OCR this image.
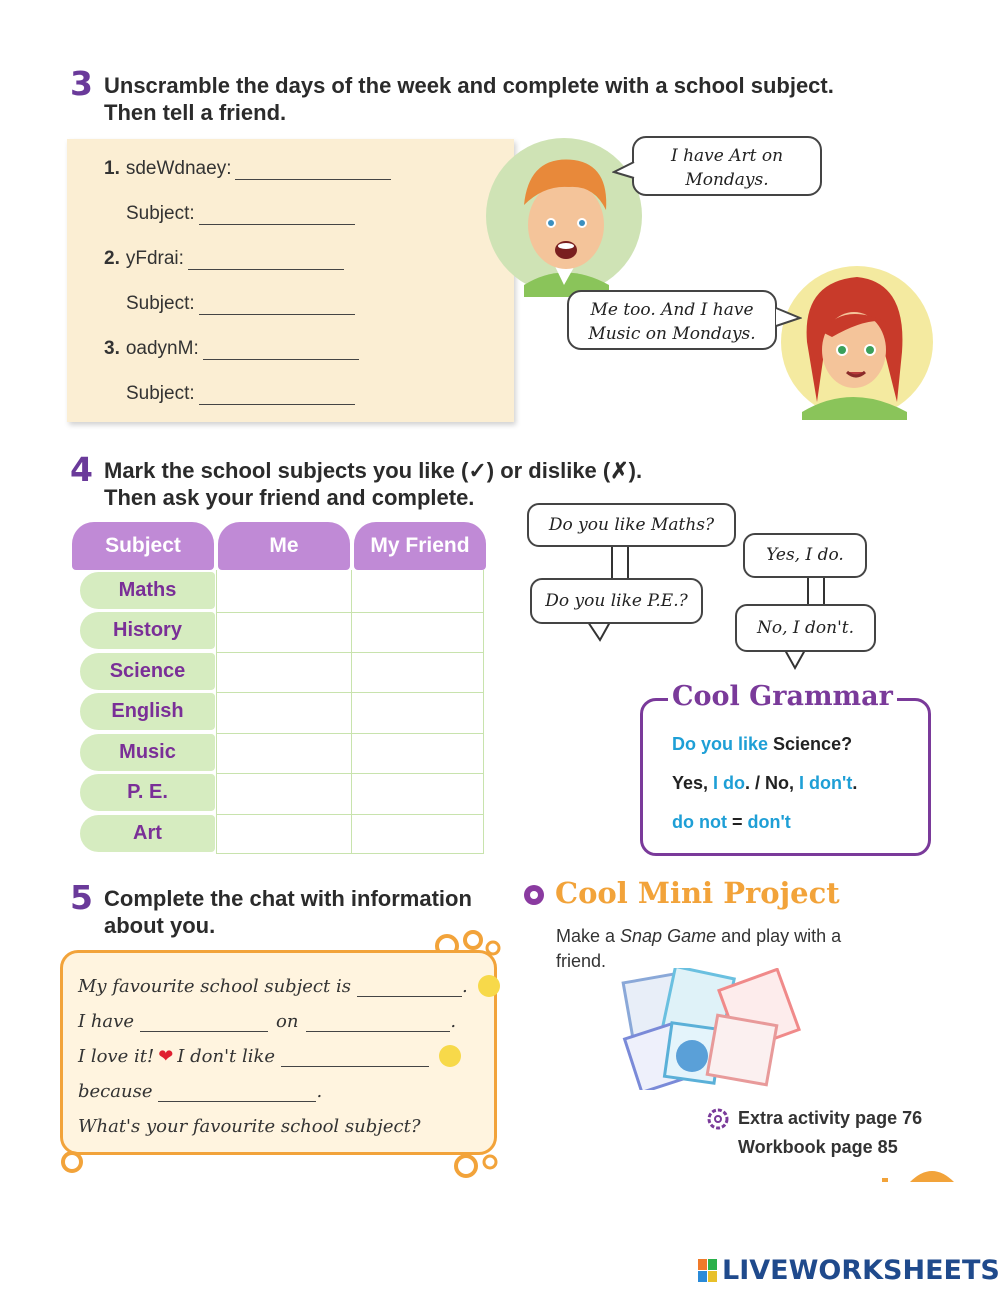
3 Unscramble the days of the week and complete with a school subject.
Then tell a friend.
1. sdeWdnaey:
Subject:
2. yFdrai:
Subject:
3. oadynM:
Subject:
I have Art on
Mondays.
Me too. And I have
Music on Mondays.
4 Mark the school subjects you like (✓) or dislike (✗).
Then ask your friend and complete.
Subject	Me	My Friend
Maths
History
Science
English
Music
P. E.
Art
Do you like Maths?
Do you like P.E.?
Yes, I do.
No, I don't.
Cool Grammar
Do you like Science?
Yes, I do. / No, I don't.
do not = don't
5 Complete the chat with information
about you.
My favourite school subject is	.
I have	on	.
I love it! ❤ I don't like
because	.
What's your favourite school subject?
Cool Mini Project
Make a Snap Game and play with a
friend.
Extra activity page 76
Workbook page 85
LIVEWORKSHEETS
